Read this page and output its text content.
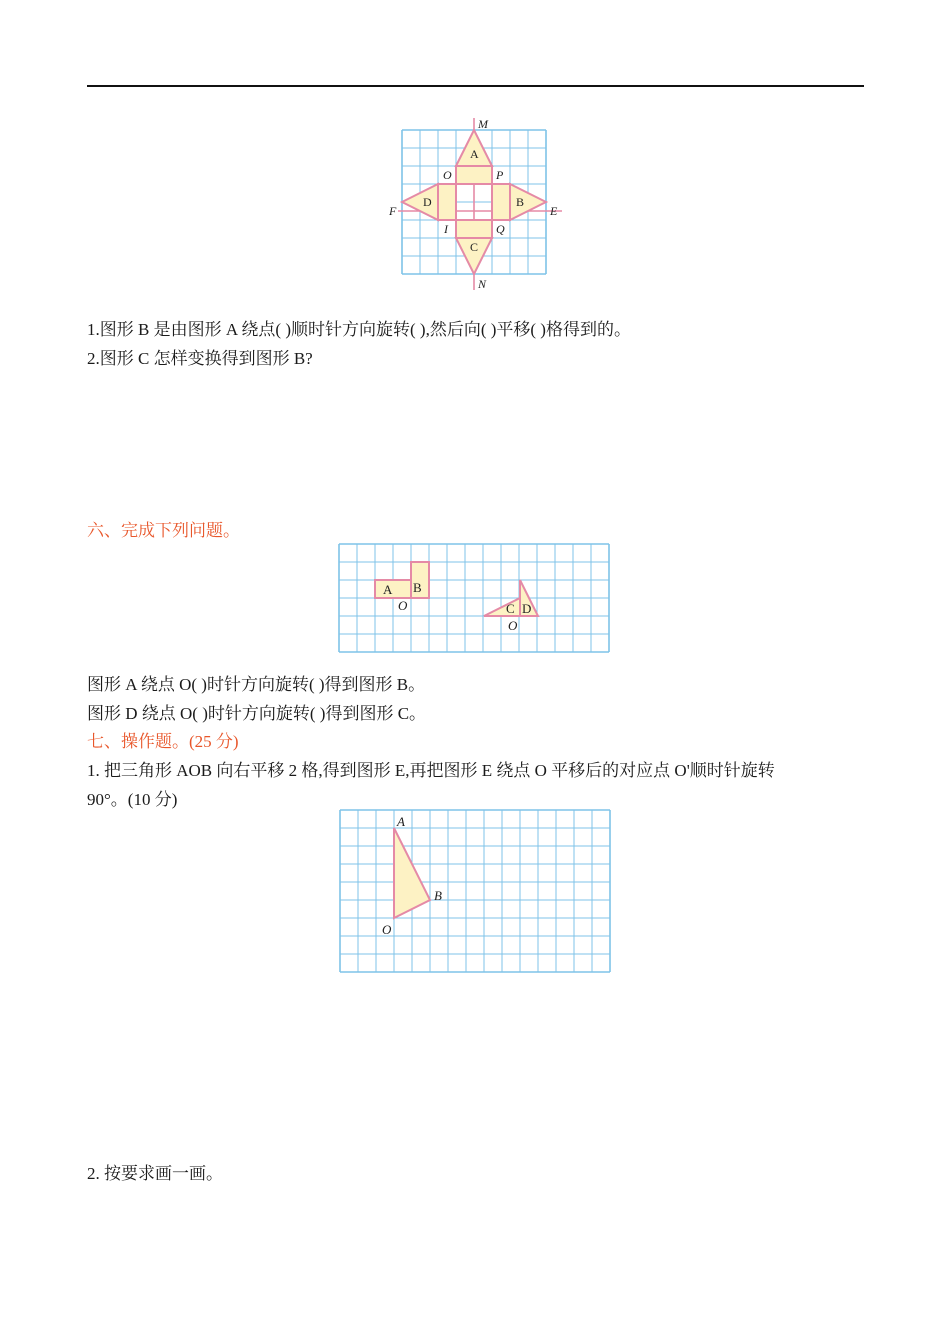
M
N
E
F
O	P
I	Q
A
B
C
D
1.图形 B 是由图形 A 绕点( )顺时针方向旋转( ),然后向( )平移( )格得到的。
2.图形 C 怎样变换得到图形 B?
六、完成下列问题。
A B
O	C D
O
图形 A 绕点 O( )时针方向旋转( )得到图形 B。
图形 D 绕点 O( )时针方向旋转( )得到图形 C。
七、操作题。(25 分)
1. 把三角形 AOB 向右平移 2 格,得到图形 E,再把图形 E 绕点 O 平移后的对应点 O'顺时针旋转
90°。(10 分)
A
B
O
2. 按要求画一画。
